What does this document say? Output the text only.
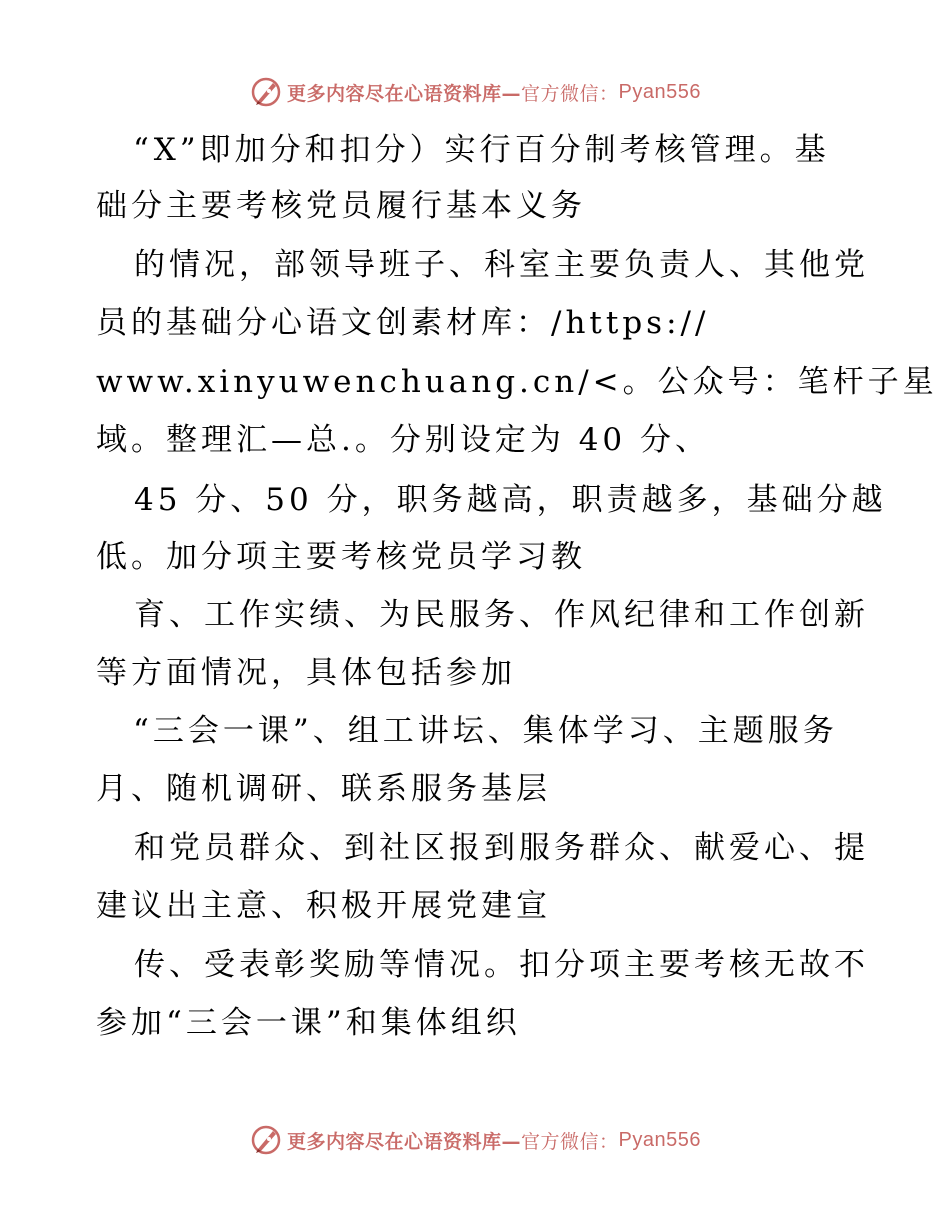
更多内容尽在心语资料库— 官方微信： Pyan556
“X”即加分和扣分）实行百分制考核管理。基
础分主要考核党员履行基本义务
的情况，部领导班子、科室主要负责人、其他党
员的基础分心语文创素材库：/https://
www.xinyuwenchuang.cn/<。公众号：笔杆子星
域。整理汇—总.。分别设定为 40 分、
45 分、50 分，职务越高，职责越多，基础分越
低。加分项主要考核党员学习教
育、工作实绩、为民服务、作风纪律和工作创新
等方面情况，具体包括参加
“三会一课”、组工讲坛、集体学习、主题服务
月、随机调研、联系服务基层
和党员群众、到社区报到服务群众、献爱心、提
建议出主意、积极开展党建宣
传、受表彰奖励等情况。扣分项主要考核无故不
参加“三会一课”和集体组织
更多内容尽在心语资料库— 官方微信： Pyan556
